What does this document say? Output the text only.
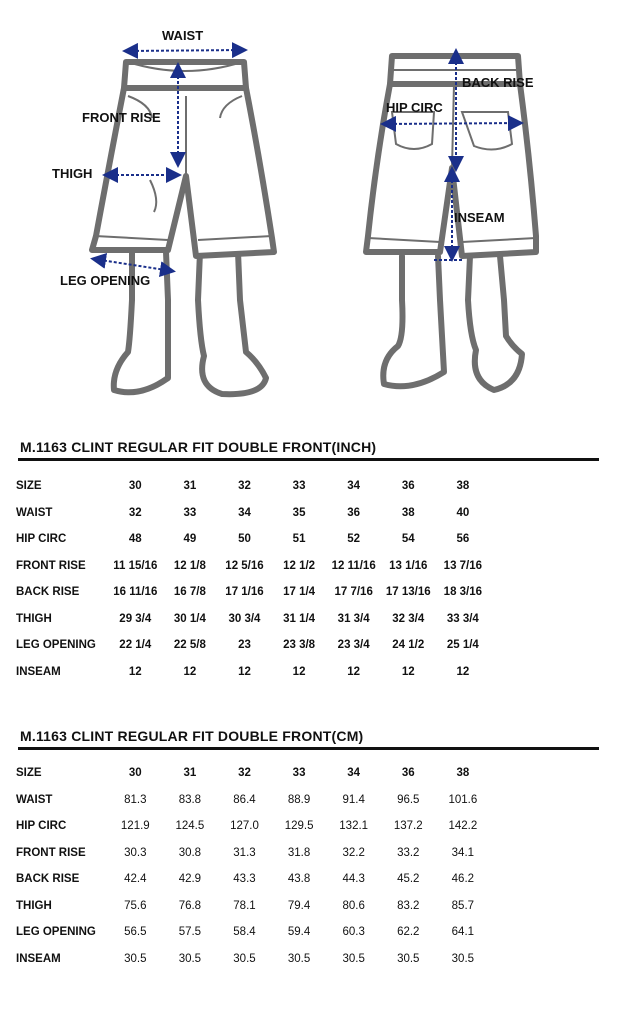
WAIST
FRONT RISE
THIGH
LEG OPENING
BACK RISE
HIP CIRC
INSEAM
M.1163 CLINT REGULAR FIT DOUBLE FRONT(INCH)
SIZE	30	31	32	33	34	36	38
WAIST	32	33	34	35	36	38	40
HIP CIRC	48	49	50	51	52	54	56
FRONT RISE	11 15/16	12 1/8	12 5/16	12 1/2	12 11/16	13 1/16	13 7/16
BACK RISE	16 11/16	16 7/8	17 1/16	17 1/4	17 7/16	17 13/16	18 3/16
THIGH	29 3/4	30 1/4	30 3/4	31 1/4	31 3/4	32 3/4	33 3/4
LEG OPENING	22 1/4	22 5/8	23	23 3/8	23 3/4	24 1/2	25 1/4
INSEAM	12	12	12	12	12	12	12
M.1163 CLINT REGULAR FIT DOUBLE FRONT(CM)
SIZE	30	31	32	33	34	36	38
WAIST	81.3	83.8	86.4	88.9	91.4	96.5	101.6
HIP CIRC	121.9	124.5	127.0	129.5	132.1	137.2	142.2
FRONT RISE	30.3	30.8	31.3	31.8	32.2	33.2	34.1
BACK RISE	42.4	42.9	43.3	43.8	44.3	45.2	46.2
THIGH	75.6	76.8	78.1	79.4	80.6	83.2	85.7
LEG OPENING	56.5	57.5	58.4	59.4	60.3	62.2	64.1
INSEAM	30.5	30.5	30.5	30.5	30.5	30.5	30.5
